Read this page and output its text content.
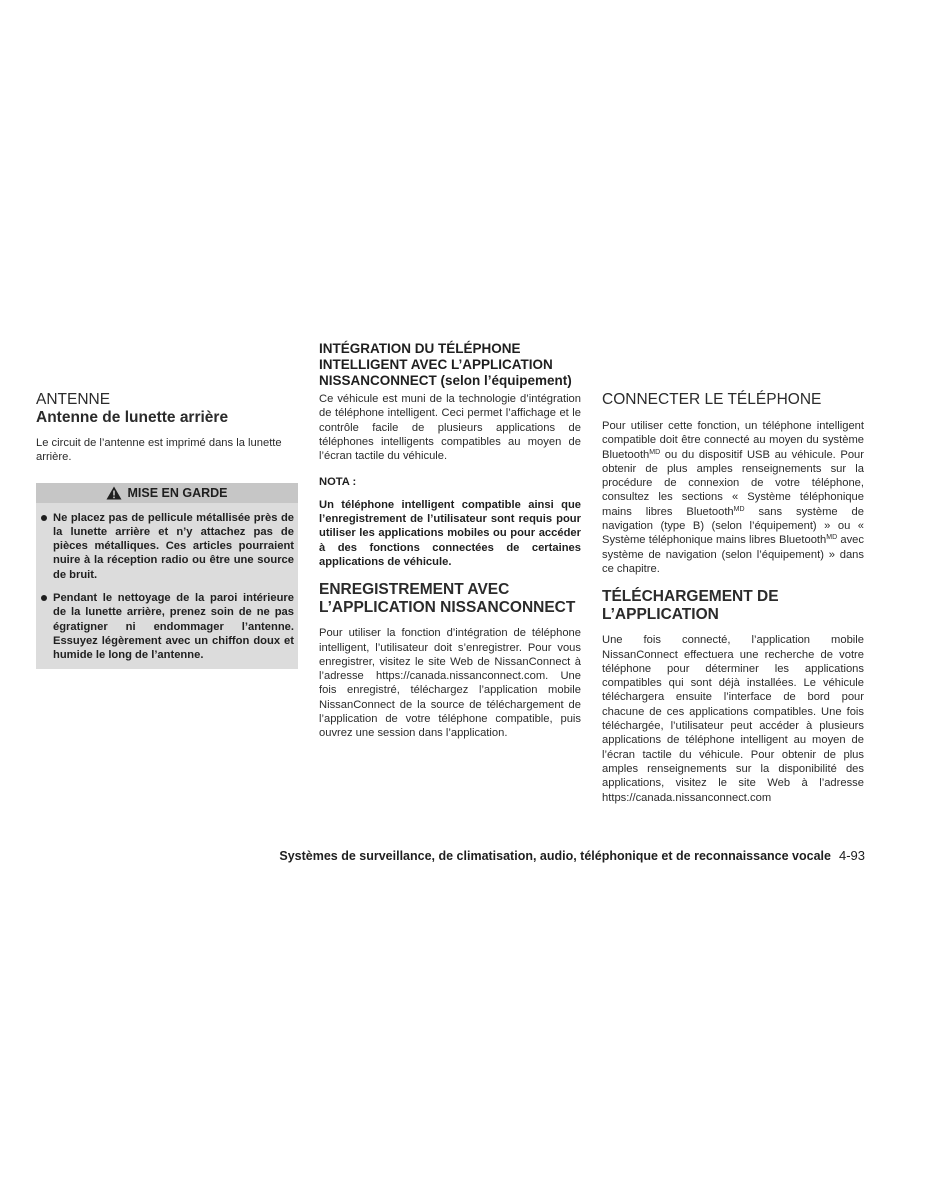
ANTENNE
Antenne de lunette arrière

Le circuit de l’antenne est imprimé dans la lunette arrière.

MISE EN GARDE
Ne placez pas de pellicule métallisée près de la lunette arrière et n’y attachez pas de pièces métalliques. Ces articles pourraient nuire à la réception radio ou être une source de bruit.
Pendant le nettoyage de la paroi intérieure de la lunette arrière, prenez soin de ne pas égratigner ni endommager l’antenne. Essuyez légèrement avec un chiffon doux et humide le long de l’antenne.
INTÉGRATION DU TÉLÉPHONE
INTELLIGENT AVEC L’APPLICATION
NISSANCONNECT (selon l’équipement)

Ce véhicule est muni de la technologie d’intégration de téléphone intelligent. Ceci permet l’affichage et le contrôle facile de plusieurs applications de téléphones intelligents compatibles au moyen de l’écran tactile du véhicule.

NOTA :

Un téléphone intelligent compatible ainsi que l’enregistrement de l’utilisateur sont requis pour utiliser les applications mobiles ou pour accéder à des fonctions connectées de certaines applications de véhicule.

ENREGISTREMENT AVEC
L’APPLICATION NISSANCONNECT

Pour utiliser la fonction d’intégration de téléphone intelligent, l’utilisateur doit s’enregistrer. Pour vous enregistrer, visitez le site Web de NissanConnect à l’adresse https://canada.nissanconnect.com. Une fois enregistré, téléchargez l’application mobile NissanConnect de la source de téléchargement de l’application de votre téléphone compatible, puis ouvrez une session dans l’application.

CONNECTER LE TÉLÉPHONE

Pour utiliser cette fonction, un téléphone intelligent compatible doit être connecté au moyen du système Bluetooth$^{MD}$ ou du dispositif USB au véhicule. Pour obtenir de plus amples renseignements sur la procédure de connexion de votre téléphone, consultez les sections « Système téléphonique mains libres Bluetooth$^{MD}$ sans système de navigation (type B) (selon l’équipement) » ou « Système téléphonique mains libres Bluetooth$^{MD}$ avec système de navigation (selon l’équipement) » dans ce chapitre.

TÉLÉCHARGEMENT DE
L’APPLICATION

Une fois connecté, l’application mobile NissanConnect effectuera une recherche de votre téléphone pour déterminer les applications compatibles qui sont déjà installées. Le véhicule téléchargera ensuite l’interface de bord pour chacune de ces applications compatibles. Une fois téléchargée, l’utilisateur peut accéder à plusieurs applications de téléphone intelligent au moyen de l’écran tactile du véhicule. Pour obtenir de plus amples renseignements sur la disponibilité des applications, visitez le site Web à l’adresse https://canada.nissanconnect.com

Systèmes de surveillance, de climatisation, audio, téléphonique et de reconnaissance vocale 4-93
